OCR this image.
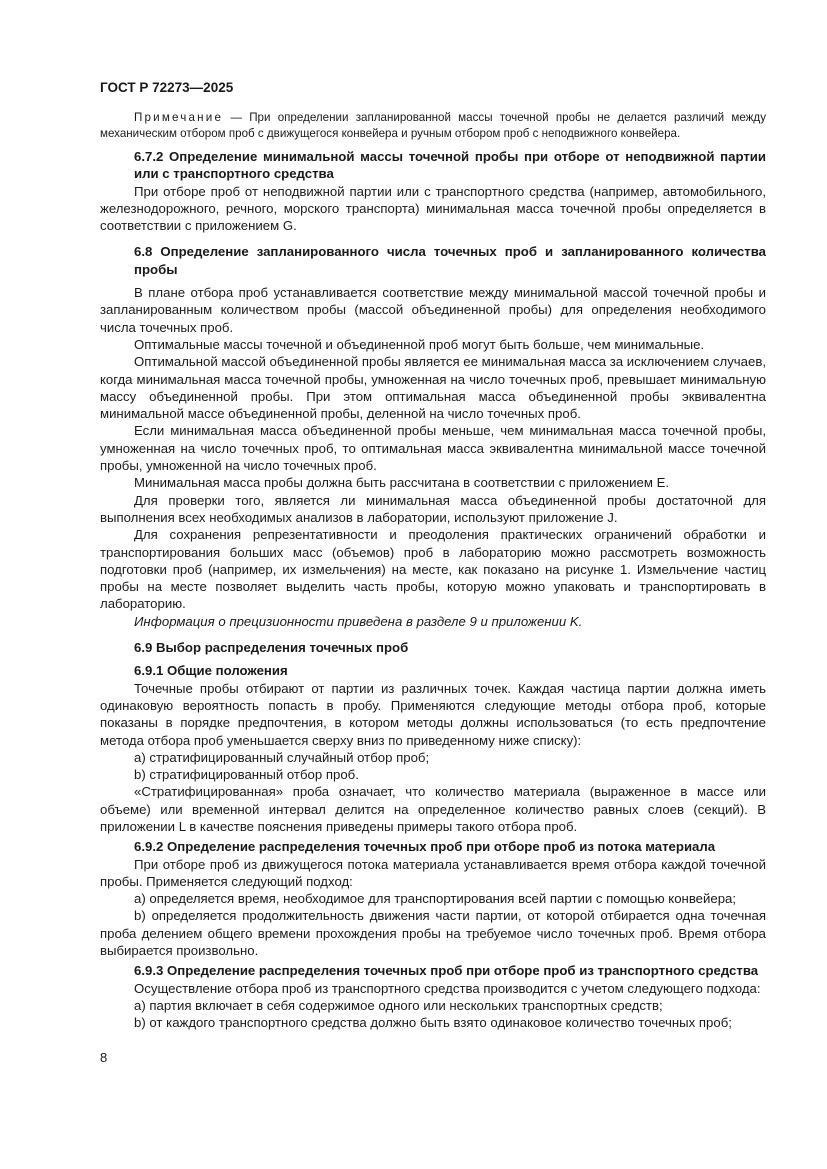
ГОСТ Р 72273—2025

Примечание — При определении запланированной массы точечной пробы не делается различий между механическим отбором проб с движущегося конвейера и ручным отбором проб с неподвижного конвейера.

6.7.2 Определение минимальной массы точечной пробы при отборе от неподвижной партии или с транспортного средства

При отборе проб от неподвижной партии или с транспортного средства (например, автомобильного, железнодорожного, речного, морского транспорта) минимальная масса точечной пробы определяется в соответствии с приложением G.

6.8 Определение запланированного числа точечных проб и запланированного количества пробы

В плане отбора проб устанавливается соответствие между минимальной массой точечной пробы и запланированным количеством пробы (массой объединенной пробы) для определения необходимого числа точечных проб.

Оптимальные массы точечной и объединенной проб могут быть больше, чем минимальные.

Оптимальной массой объединенной пробы является ее минимальная масса за исключением случаев, когда минимальная масса точечной пробы, умноженная на число точечных проб, превышает минимальную массу объединенной пробы. При этом оптимальная масса объединенной пробы эквивалентна минимальной массе объединенной пробы, деленной на число точечных проб.

Если минимальная масса объединенной пробы меньше, чем минимальная масса точечной пробы, умноженная на число точечных проб, то оптимальная масса эквивалентна минимальной массе точечной пробы, умноженной на число точечных проб.

Минимальная масса пробы должна быть рассчитана в соответствии с приложением E.

Для проверки того, является ли минимальная масса объединенной пробы достаточной для выполнения всех необходимых анализов в лаборатории, используют приложение J.

Для сохранения репрезентативности и преодоления практических ограничений обработки и транспортирования больших масс (объемов) проб в лабораторию можно рассмотреть возможность подготовки проб (например, их измельчения) на месте, как показано на рисунке 1. Измельчение частиц пробы на месте позволяет выделить часть пробы, которую можно упаковать и транспортировать в лабораторию.

Информация о прецизионности приведена в разделе 9 и приложении K.

6.9 Выбор распределения точечных проб

6.9.1 Общие положения

Точечные пробы отбирают от партии из различных точек. Каждая частица партии должна иметь одинаковую вероятность попасть в пробу. Применяются следующие методы отбора проб, которые показаны в порядке предпочтения, в котором методы должны использоваться (то есть предпочтение метода отбора проб уменьшается сверху вниз по приведенному ниже списку):

a) стратифицированный случайный отбор проб;

b) стратифицированный отбор проб.

«Стратифицированная» проба означает, что количество материала (выраженное в массе или объеме) или временной интервал делится на определенное количество равных слоев (секций). В приложении L в качестве пояснения приведены примеры такого отбора проб.

6.9.2 Определение распределения точечных проб при отборе проб из потока материала

При отборе проб из движущегося потока материала устанавливается время отбора каждой точечной пробы. Применяется следующий подход:

a) определяется время, необходимое для транспортирования всей партии с помощью конвейера;

b) определяется продолжительность движения части партии, от которой отбирается одна точечная проба делением общего времени прохождения пробы на требуемое число точечных проб. Время отбора выбирается произвольно.

6.9.3 Определение распределения точечных проб при отборе проб из транспортного средства

Осуществление отбора проб из транспортного средства производится с учетом следующего подхода:

a) партия включает в себя содержимое одного или нескольких транспортных средств;

b) от каждого транспортного средства должно быть взято одинаковое количество точечных проб;

8
